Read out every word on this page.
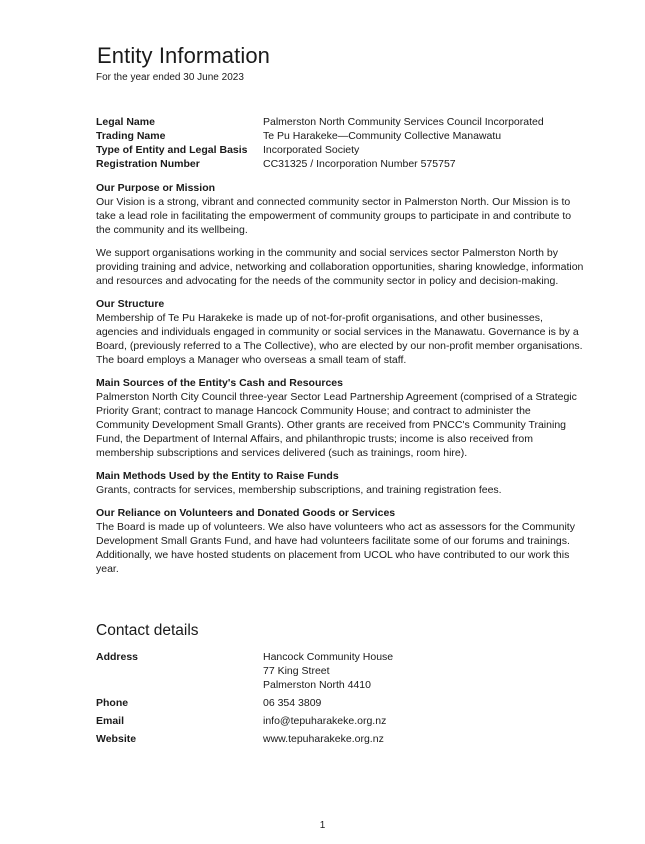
Entity Information

For the year ended 30 June 2023

Legal Name	Palmerston North Community Services Council Incorporated
Trading Name	Te Pu Harakeke—Community Collective Manawatu
Type of Entity and Legal Basis	Incorporated Society
Registration Number	CC31325 / Incorporation Number 575757
Our Purpose or Mission

Our Vision is a strong, vibrant and connected community sector in Palmerston North. Our Mission is to take a lead role in facilitating the empowerment of community groups to participate in and contribute to the community and its wellbeing.

We support organisations working in the community and social services sector Palmerston North by providing training and advice, networking and collaboration opportunities, sharing knowledge, information and resources and advocating for the needs of the community sector in policy and decision-making.

Our Structure

Membership of Te Pu Harakeke is made up of not-for-profit organisations, and other businesses, agencies and individuals engaged in community or social services in the Manawatu. Governance is by a Board, (previously referred to a The Collective), who are elected by our non-profit member organisations. The board employs a Manager who overseas a small team of staff.

Main Sources of the Entity's Cash and Resources

Palmerston North City Council three-year Sector Lead Partnership Agreement (comprised of a Strategic Priority Grant; contract to manage Hancock Community House; and contract to administer the Community Development Small Grants). Other grants are received from PNCC's Community Training Fund, the Department of Internal Affairs, and philanthropic trusts; income is also received from membership subscriptions and services delivered (such as trainings, room hire).

Main Methods Used by the Entity to Raise Funds

Grants, contracts for services, membership subscriptions, and training registration fees.

Our Reliance on Volunteers and Donated Goods or Services

The Board is made up of volunteers. We also have volunteers who act as assessors for the Community Development Small Grants Fund, and have had volunteers facilitate some of our forums and trainings. Additionally, we have hosted students on placement from UCOL who have contributed to our work this year.

Contact details
Address	Hancock Community House
77 King Street
Palmerston North 4410
Phone	06 354 3809
Email	info@tepuharakeke.org.nz
Website	www.tepuharakeke.org.nz
1
